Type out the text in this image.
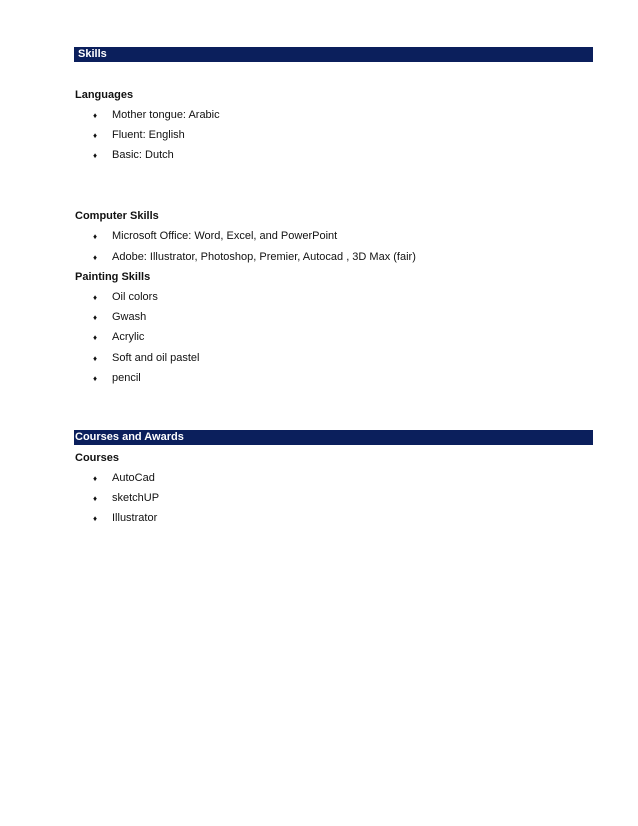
Skills
Languages
♦ Mother tongue: Arabic
♦ Fluent: English
♦ Basic: Dutch
Computer Skills
♦ Microsoft Office: Word, Excel, and PowerPoint
♦ Adobe: Illustrator, Photoshop, Premier, Autocad , 3D Max (fair)
Painting Skills
♦ Oil colors
♦ Gwash
♦ Acrylic
♦ Soft and oil pastel
♦ pencil
Courses and Awards
Courses
♦ AutoCad
♦ sketchUP
♦ Illustrator
